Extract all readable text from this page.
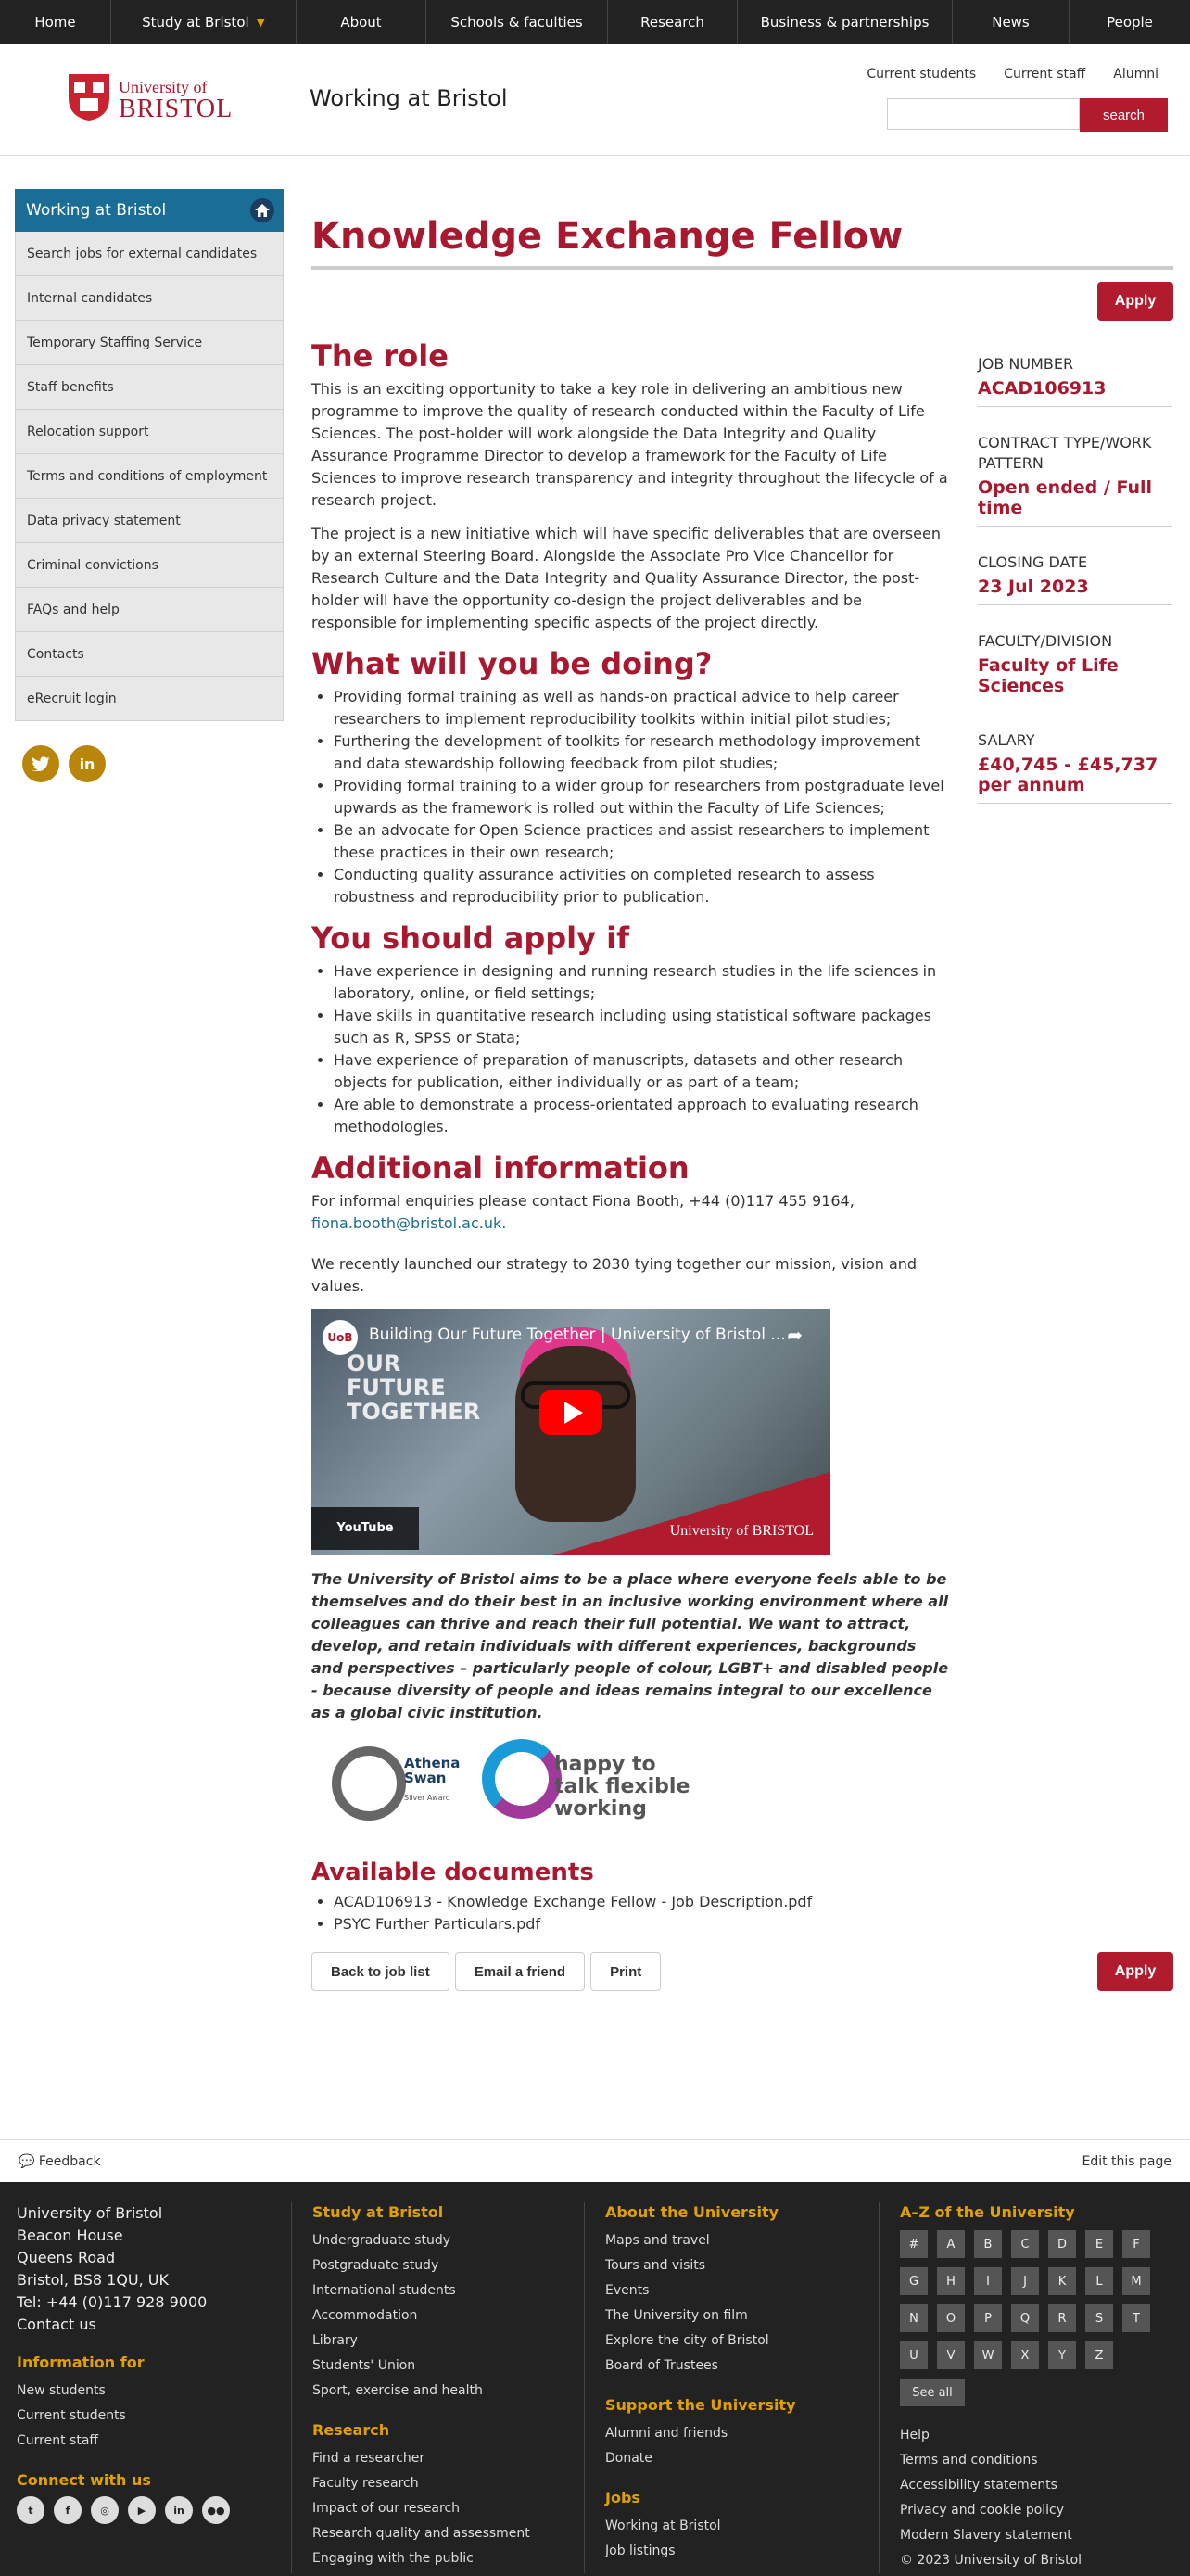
Home	Study at Bristol ▼	About	Schools & faculties	Research	Business & partnerships	News	People
University of
BRISTOL	Working at Bristol
Current students Current staff Alumni
search
Working at Bristol
Search jobs for external candidates
Internal candidates
Temporary Staffing Service
Staff benefits
Relocation support
Terms and conditions of employment
Data privacy statement
Criminal convictions
FAQs and help
Contacts
eRecruit login
in
Knowledge Exchange Fellow
Apply
The role

This is an exciting opportunity to take a key role in delivering an ambitious new programme to improve the quality of research conducted within the Faculty of Life Sciences. The post-holder will work alongside the Data Integrity and Quality Assurance Programme Director to develop a framework for the Faculty of Life Sciences to improve research transparency and integrity throughout the lifecycle of a research project.

The project is a new initiative which will have specific deliverables that are overseen by an external Steering Board. Alongside the Associate Pro Vice Chancellor for Research Culture and the Data Integrity and Quality Assurance Director, the post-holder will have the opportunity co-design the project deliverables and be responsible for implementing specific aspects of the project directly.

What will you be doing?
• Providing formal training as well as hands-on practical advice to help career researchers to implement reproducibility toolkits within initial pilot studies;
• Furthering the development of toolkits for research methodology improvement and data stewardship following feedback from pilot studies;
• Providing formal training to a wider group for researchers from postgraduate level upwards as the framework is rolled out within the Faculty of Life Sciences;
• Be an advocate for Open Science practices and assist researchers to implement these practices in their own research;
• Conducting quality assurance activities on completed research to assess robustness and reproducibility prior to publication.
You should apply if
• Have experience in designing and running research studies in the life sciences in laboratory, online, or field settings;
• Have skills in quantitative research including using statistical software packages such as R, SPSS or Stata;
• Have experience of preparation of manuscripts, datasets and other research objects for publication, either individually or as part of a team;
• Are able to demonstrate a process-orientated approach to evaluating research methodologies.
Additional information

For informal enquiries please contact Fiona Booth, +44 (0)117 455 9164,
fiona.booth@bristol.ac.uk.

We recently launched our strategy to 2030 tying together our mission, vision and values.

UoB	Building Our Future Together | University of Bristol ... ➦
OUR
FUTURE
TOGETHER
University of BRISTOL
YouTube

The University of Bristol aims to be a place where everyone feels able to be themselves and do their best in an inclusive working environment where all colleagues can thrive and reach their full potential. We want to attract, develop, and retain individuals with different experiences, backgrounds and perspectives – particularly people of colour, LGBT+ and disabled people - because diversity of people and ideas remains integral to our excellence as a global civic institution.

Athena
Swan
Silver Award
happy to
talk flexible
working
Available documents
• ACAD106913 - Knowledge Exchange Fellow - Job Description.pdf
• PSYC Further Particulars.pdf
Back to job list	Email a friend	Print	Apply
JOB NUMBER
ACAD106913
CONTRACT TYPE/WORK PATTERN
Open ended / Full time
CLOSING DATE
23 Jul 2023
FACULTY/DIVISION
Faculty of Life Sciences
SALARY
£40,745 - £45,737 per annum
💬 Feedback	Edit this page
University of Bristol
Beacon House
Queens Road
Bristol, BS8 1QU, UK
Tel: +44 (0)117 928 9000
Contact us
Information for
New students
Current students
Current staff
Connect with us
t	f	◎	▶	in	●●
Study at Bristol
Undergraduate study
Postgraduate study
International students
Accommodation
Library
Students' Union
Sport, exercise and health
Research
Find a researcher
Faculty research
Impact of our research
Research quality and assessment
Engaging with the public
About the University
Maps and travel
Tours and visits
Events
The University on film
Explore the city of Bristol
Board of Trustees
Support the University
Alumni and friends
Donate
Jobs
Working at Bristol
Job listings
A–Z of the University
#	A	B	C	D	E	F
G	H	I	J	K	L	M
N	O	P	Q	R	S	T
U	V	W	X	Y	Z
See all
Help
Terms and conditions
Accessibility statements
Privacy and cookie policy
Modern Slavery statement
© 2023 University of Bristol
